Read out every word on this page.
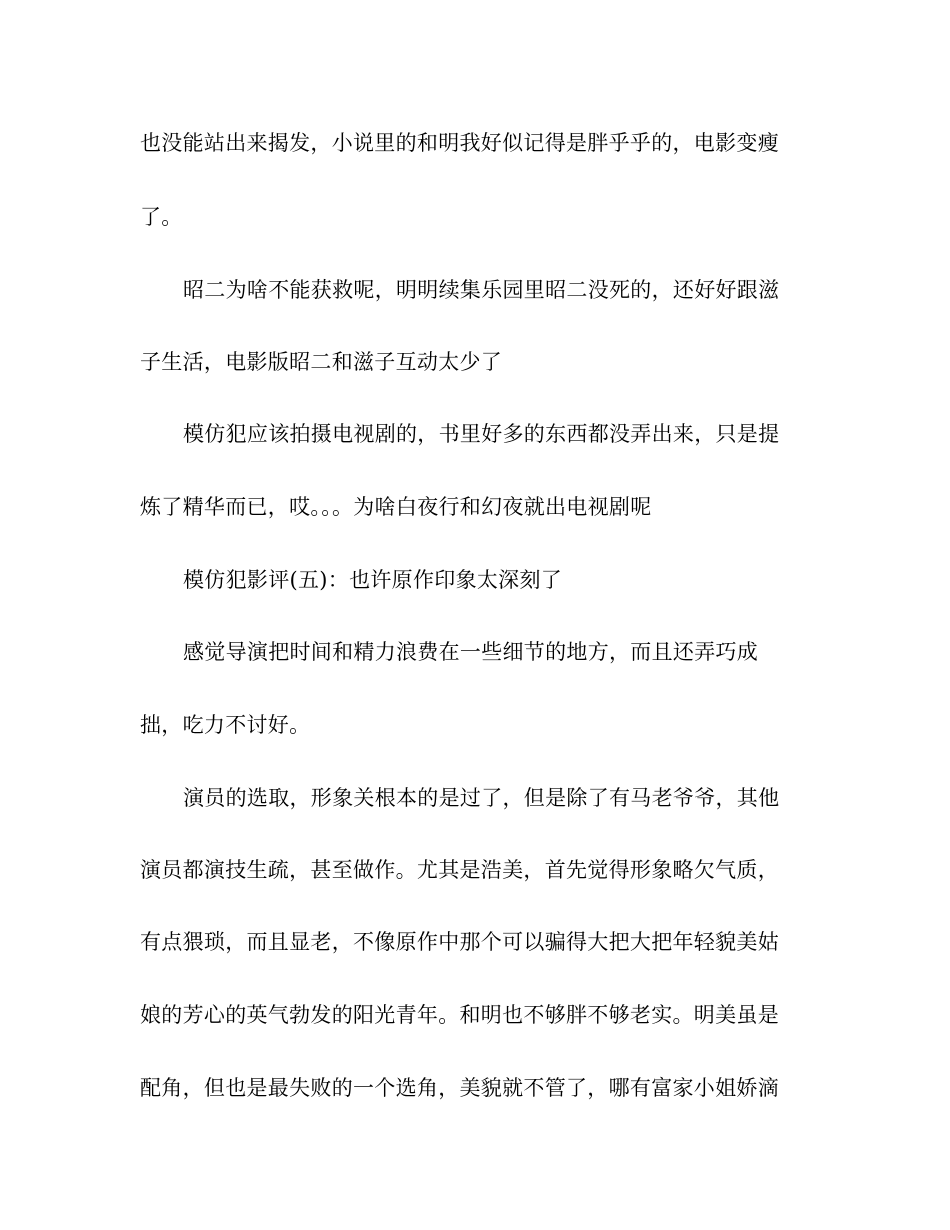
也没能站出来揭发，小说里的和明我好似记得是胖乎乎的，电影变瘦
了。
昭二为啥不能获救呢，明明续集乐园里昭二没死的，还好好跟滋
子生活，电影版昭二和滋子互动太少了
模仿犯应该拍摄电视剧的，书里好多的东西都没弄出来，只是提
炼了精华而已，哎。。。为啥白夜行和幻夜就出电视剧呢
模仿犯影评(五)：也许原作印象太深刻了
感觉导演把时间和精力浪费在一些细节的地方，而且还弄巧成
拙，吃力不讨好。
演员的选取，形象关根本的是过了，但是除了有马老爷爷，其他
演员都演技生疏，甚至做作。尤其是浩美，首先觉得形象略欠气质，
有点猥琐，而且显老，不像原作中那个可以骗得大把大把年轻貌美姑
娘的芳心的英气勃发的阳光青年。和明也不够胖不够老实。明美虽是
配角，但也是最失败的一个选角，美貌就不管了，哪有富家小姐娇滴
